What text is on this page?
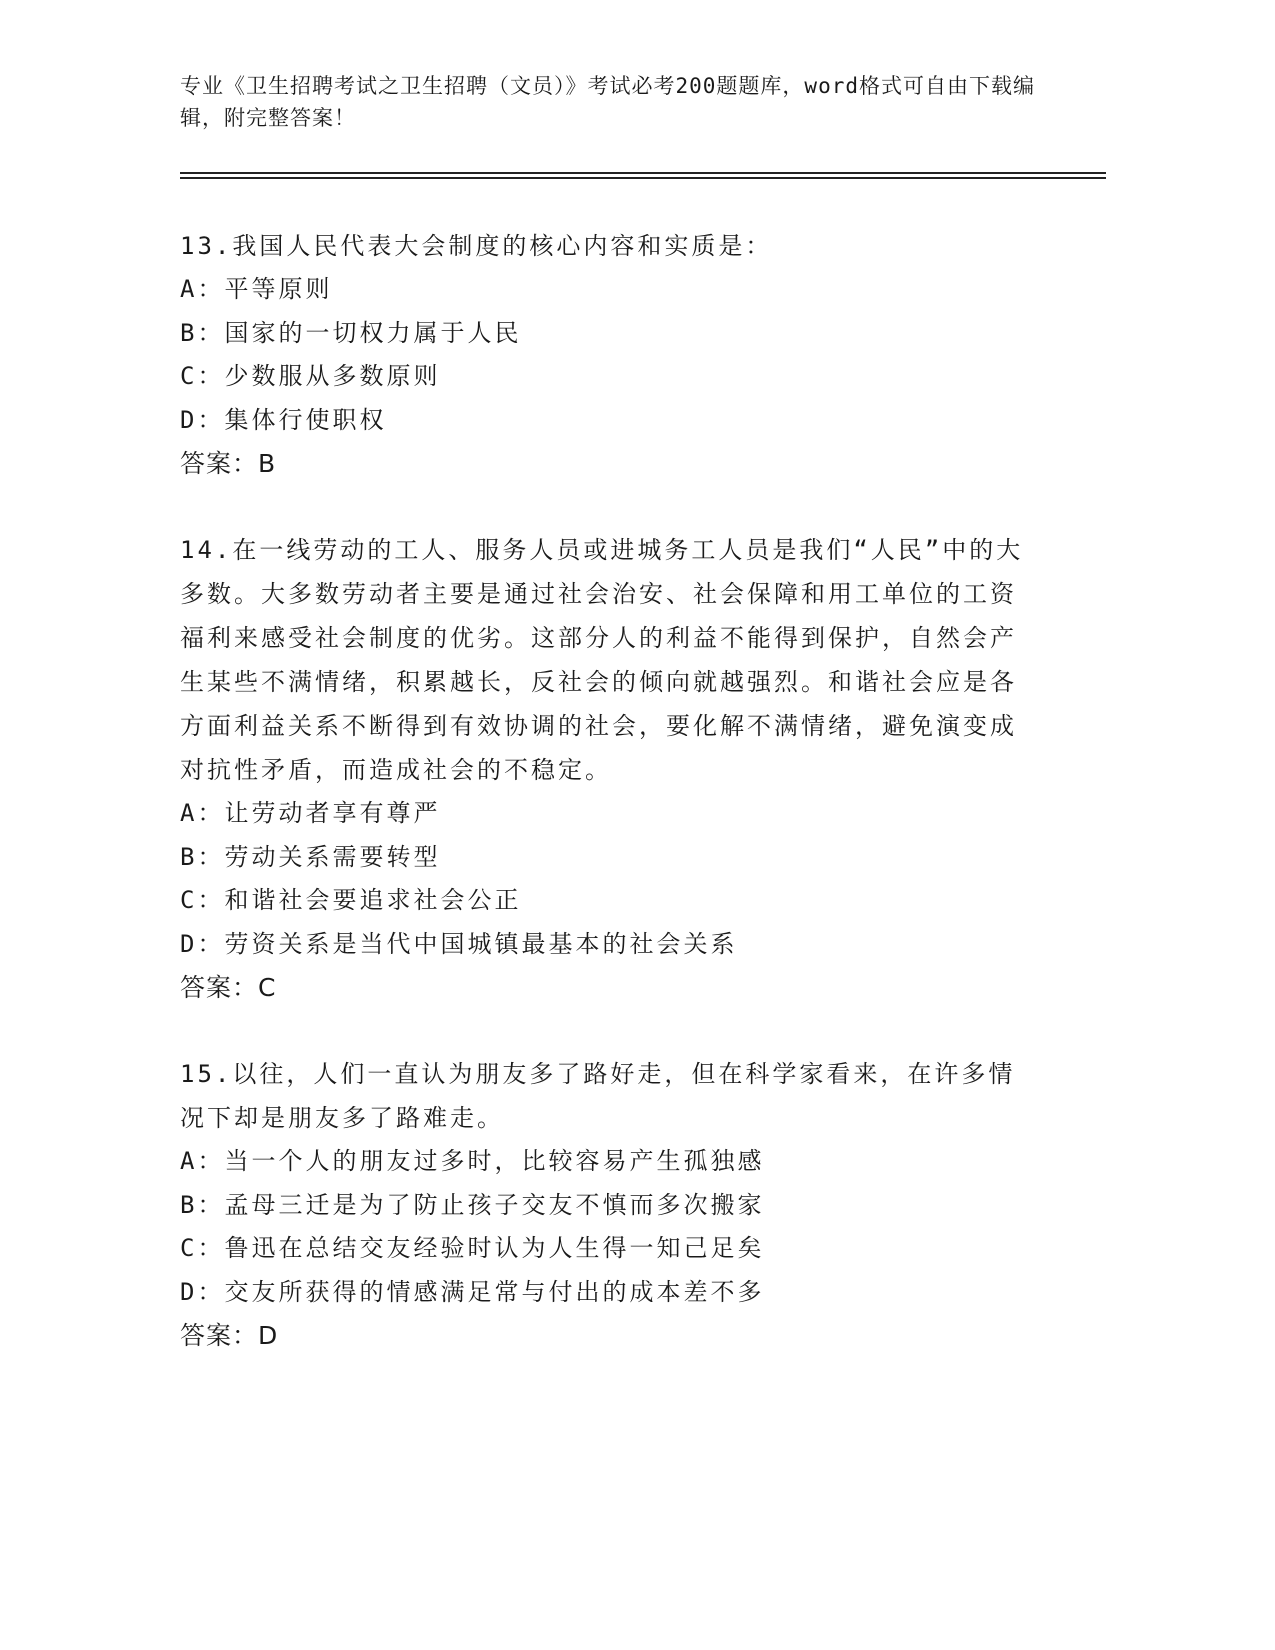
专业《卫生招聘考试之卫生招聘（文员）》考试必考200题题库，word格式可自由下载编辑，附完整答案！

13.我国人民代表大会制度的核心内容和实质是：

A：平等原则

B：国家的一切权力属于人民

C：少数服从多数原则

D：集体行使职权

答案：B

14.在一线劳动的工人、服务人员或进城务工人员是我们“人民”中的大多数。大多数劳动者主要是通过社会治安、社会保障和用工单位的工资福利来感受社会制度的优劣。这部分人的利益不能得到保护，自然会产生某些不满情绪，积累越长，反社会的倾向就越强烈。和谐社会应是各方面利益关系不断得到有效协调的社会，要化解不满情绪，避免演变成对抗性矛盾，而造成社会的不稳定。

A：让劳动者享有尊严

B：劳动关系需要转型

C：和谐社会要追求社会公正

D：劳资关系是当代中国城镇最基本的社会关系

答案：C

15.以往，人们一直认为朋友多了路好走，但在科学家看来，在许多情况下却是朋友多了路难走。

A：当一个人的朋友过多时，比较容易产生孤独感

B：孟母三迁是为了防止孩子交友不慎而多次搬家

C：鲁迅在总结交友经验时认为人生得一知己足矣

D：交友所获得的情感满足常与付出的成本差不多

答案：D
